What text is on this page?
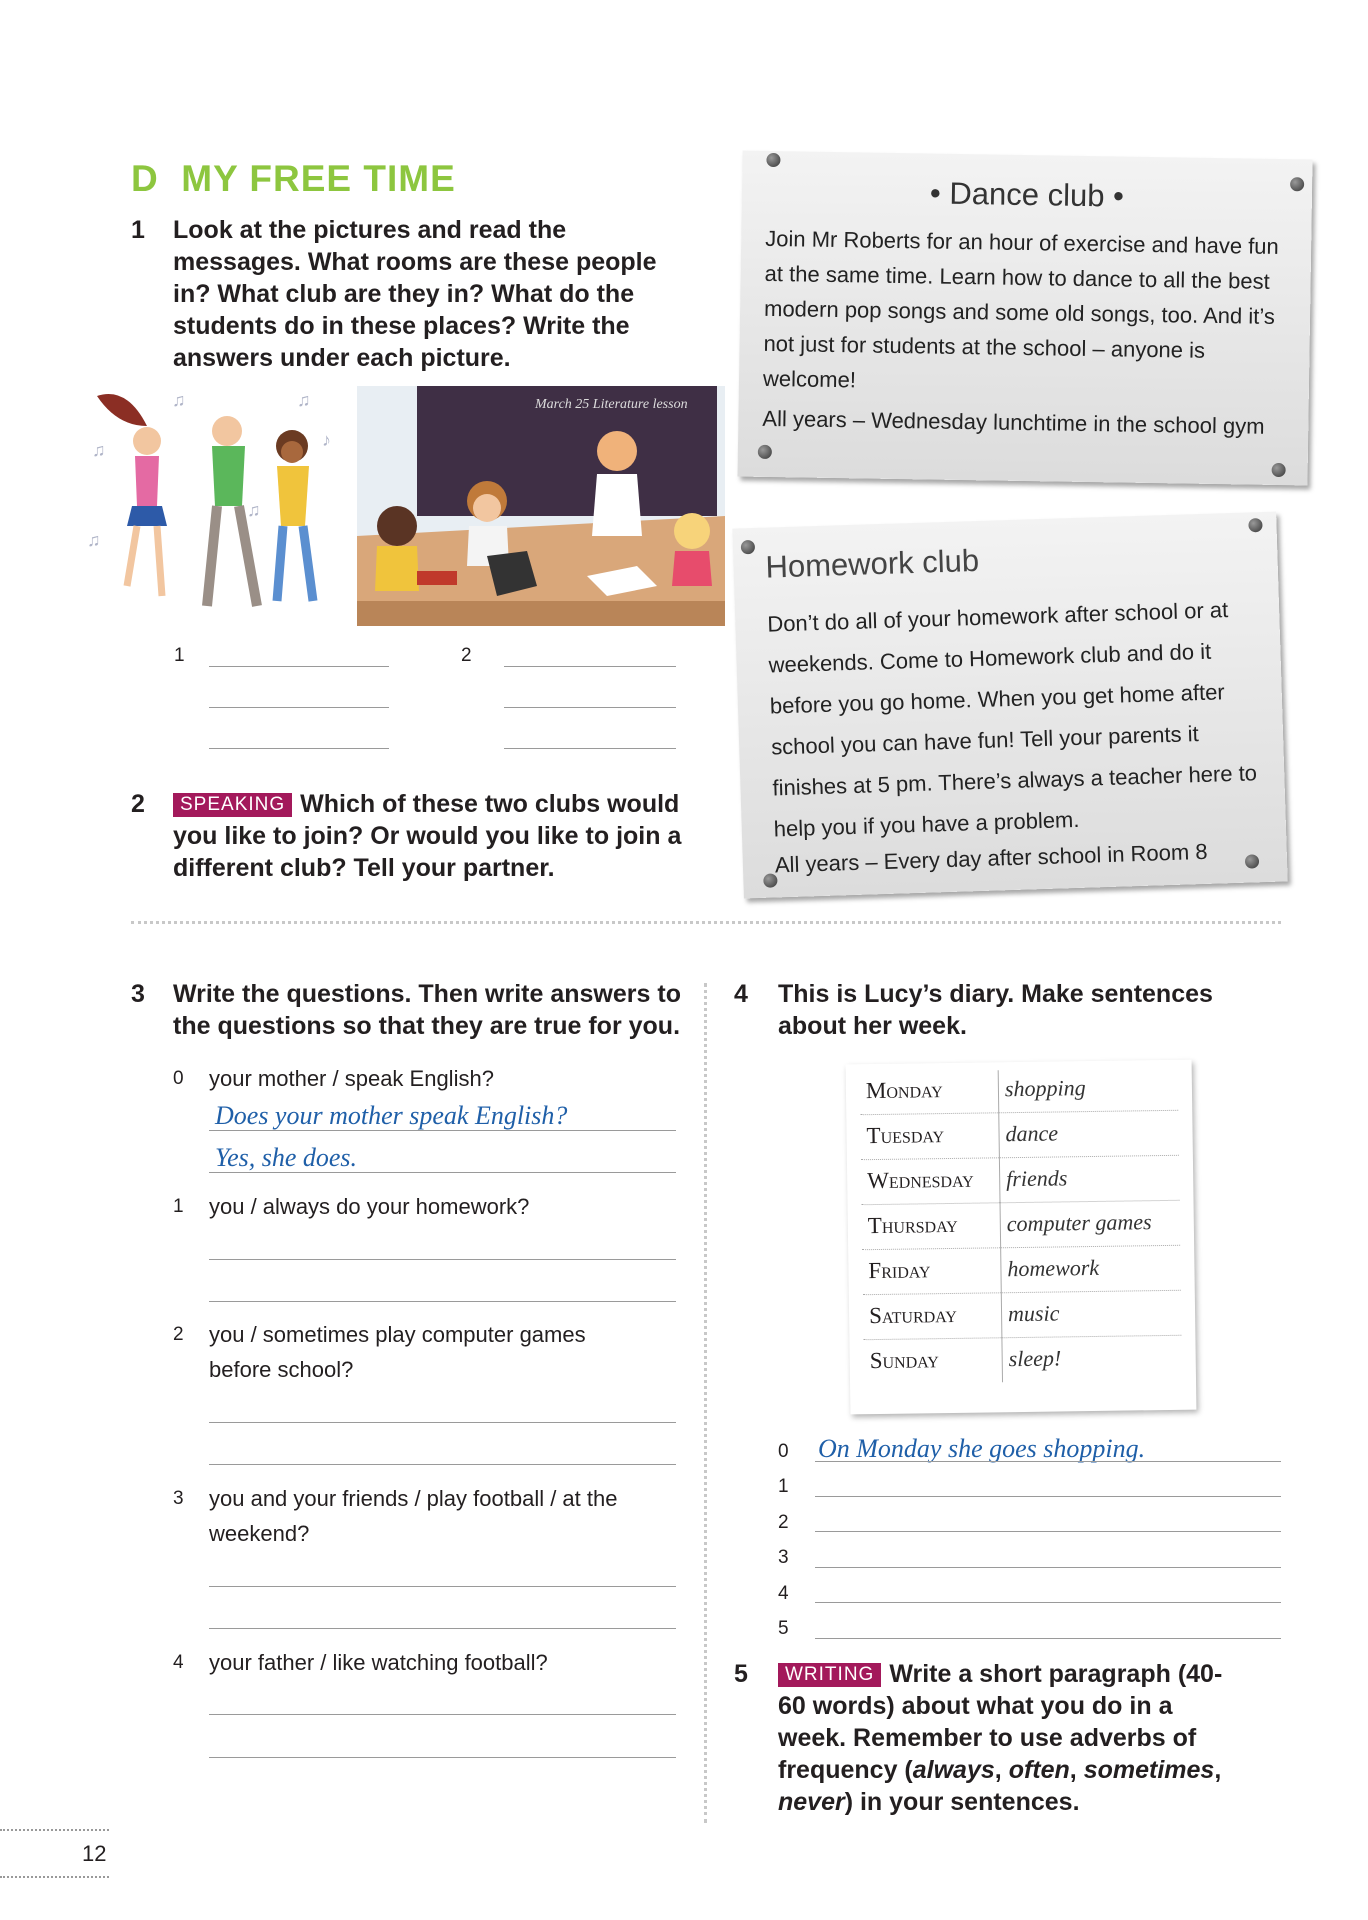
D MY FREE TIME
1 Look at the pictures and read the messages. What rooms are these people in? What club are they in? What do the students do in these places? Write the answers under each picture.
♫	♫
♫	♪
♫
♫
March 25 Literature lesson
1	2
2	SPEAKING Which of these two clubs would you like to join? Or would you like to join a different club? Tell your partner.
• Dance club •

Join Mr Roberts for an hour of exercise and have fun at the same time. Learn how to dance to all the best modern pop songs and some old songs, too. And it’s not just for students at the school – anyone is welcome!

All years – Wednesday lunchtime in the school gym

Homework club

Don’t do all of your homework after school or at weekends. Come to Homework club and do it before you go home. When you get home after school you can have fun! Tell your parents it finishes at 5 pm. There’s always a teacher here to help you if you have a problem.

All years – Every day after school in Room 8

3 Write the questions. Then write answers to the questions so that they are true for you.
0 your mother / speak English?
Does your mother speak English?
Yes, she does.
1 you / always do your homework?
2 you / sometimes play computer games before school?
3 you and your friends / play football / at the weekend?
4 your father / like watching football?
4 This is Lucy’s diary. Make sentences about her week.
Monday	shopping
Tuesday	dance
Wednesday friends
Thursday computer games
Friday	homework
Saturday music
Sunday	sleep!
0 On Monday she goes shopping.
1
2
3
4
5
5	WRITING Write a short paragraph (40-60 words) about what you do in a week. Remember to use adverbs of frequency (always, often, sometimes, never) in your sentences.
12
